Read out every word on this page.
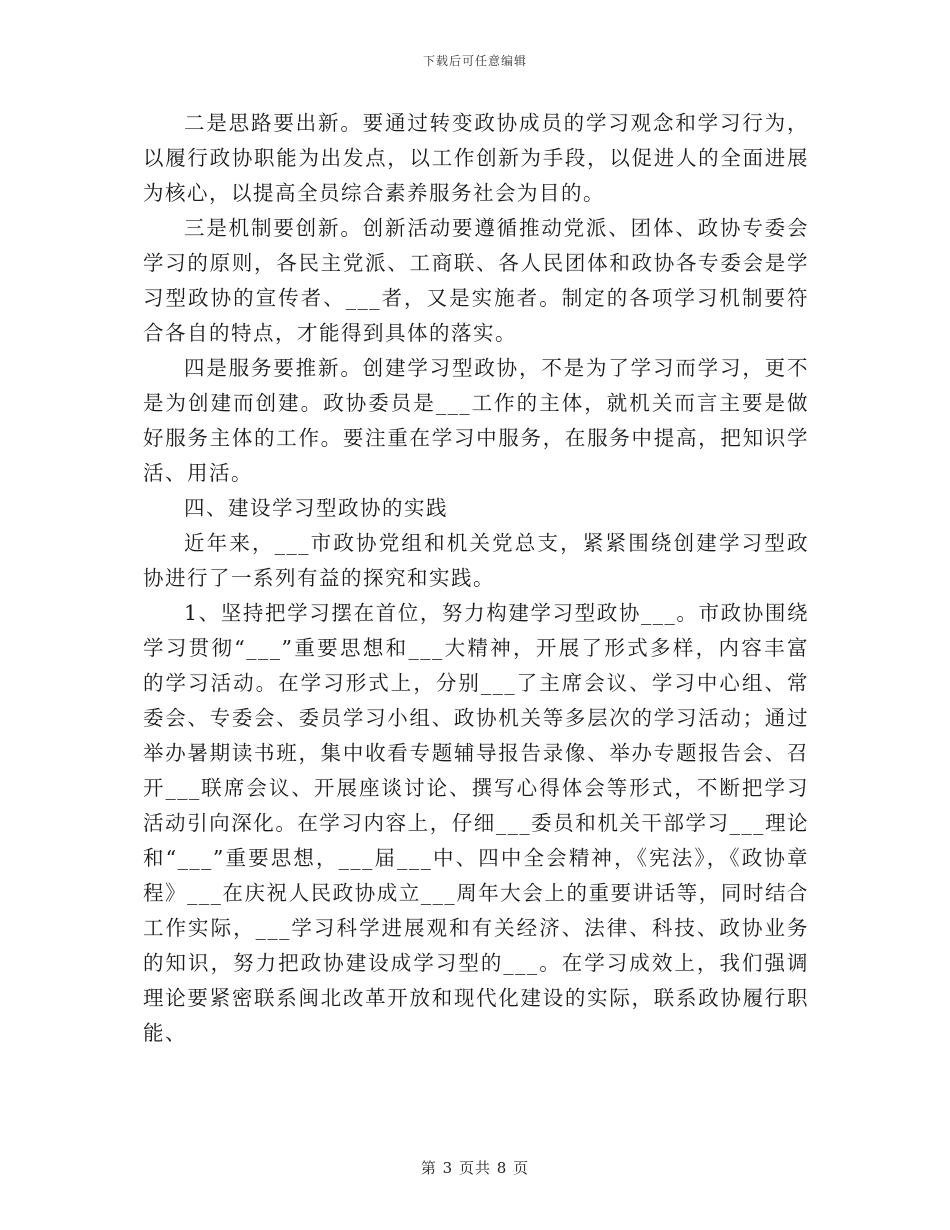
下载后可任意编辑

二是思路要出新。要通过转变政协成员的学习观念和学习行为，以履行政协职能为出发点，以工作创新为手段，以促进人的全面进展为核心，以提高全员综合素养服务社会为目的。

三是机制要创新。创新活动要遵循推动党派、团体、政协专委会学习的原则，各民主党派、工商联、各人民团体和政协各专委会是学习型政协的宣传者、___者，又是实施者。制定的各项学习机制要符合各自的特点，才能得到具体的落实。

四是服务要推新。创建学习型政协，不是为了学习而学习，更不是为创建而创建。政协委员是___工作的主体，就机关而言主要是做好服务主体的工作。要注重在学习中服务，在服务中提高，把知识学活、用活。

四、建设学习型政协的实践

近年来，___市政协党组和机关党总支，紧紧围绕创建学习型政协进行了一系列有益的探究和实践。

1、坚持把学习摆在首位，努力构建学习型政协___。市政协围绕学习贯彻“___”重要思想和___大精神，开展了形式多样，内容丰富的学习活动。在学习形式上，分别___了主席会议、学习中心组、常委会、专委会、委员学习小组、政协机关等多层次的学习活动；通过举办暑期读书班，集中收看专题辅导报告录像、举办专题报告会、召开___联席会议、开展座谈讨论、撰写心得体会等形式，不断把学习活动引向深化。在学习内容上，仔细___委员和机关干部学习___理论和“___”重要思想，___届___中、四中全会精神，《宪法》，《政协章程》___在庆祝人民政协成立___周年大会上的重要讲话等，同时结合工作实际，___学习科学进展观和有关经济、法律、科技、政协业务的知识，努力把政协建设成学习型的___。在学习成效上，我们强调理论要紧密联系闽北改革开放和现代化建设的实际，联系政协履行职能、

第 3 页共 8 页
